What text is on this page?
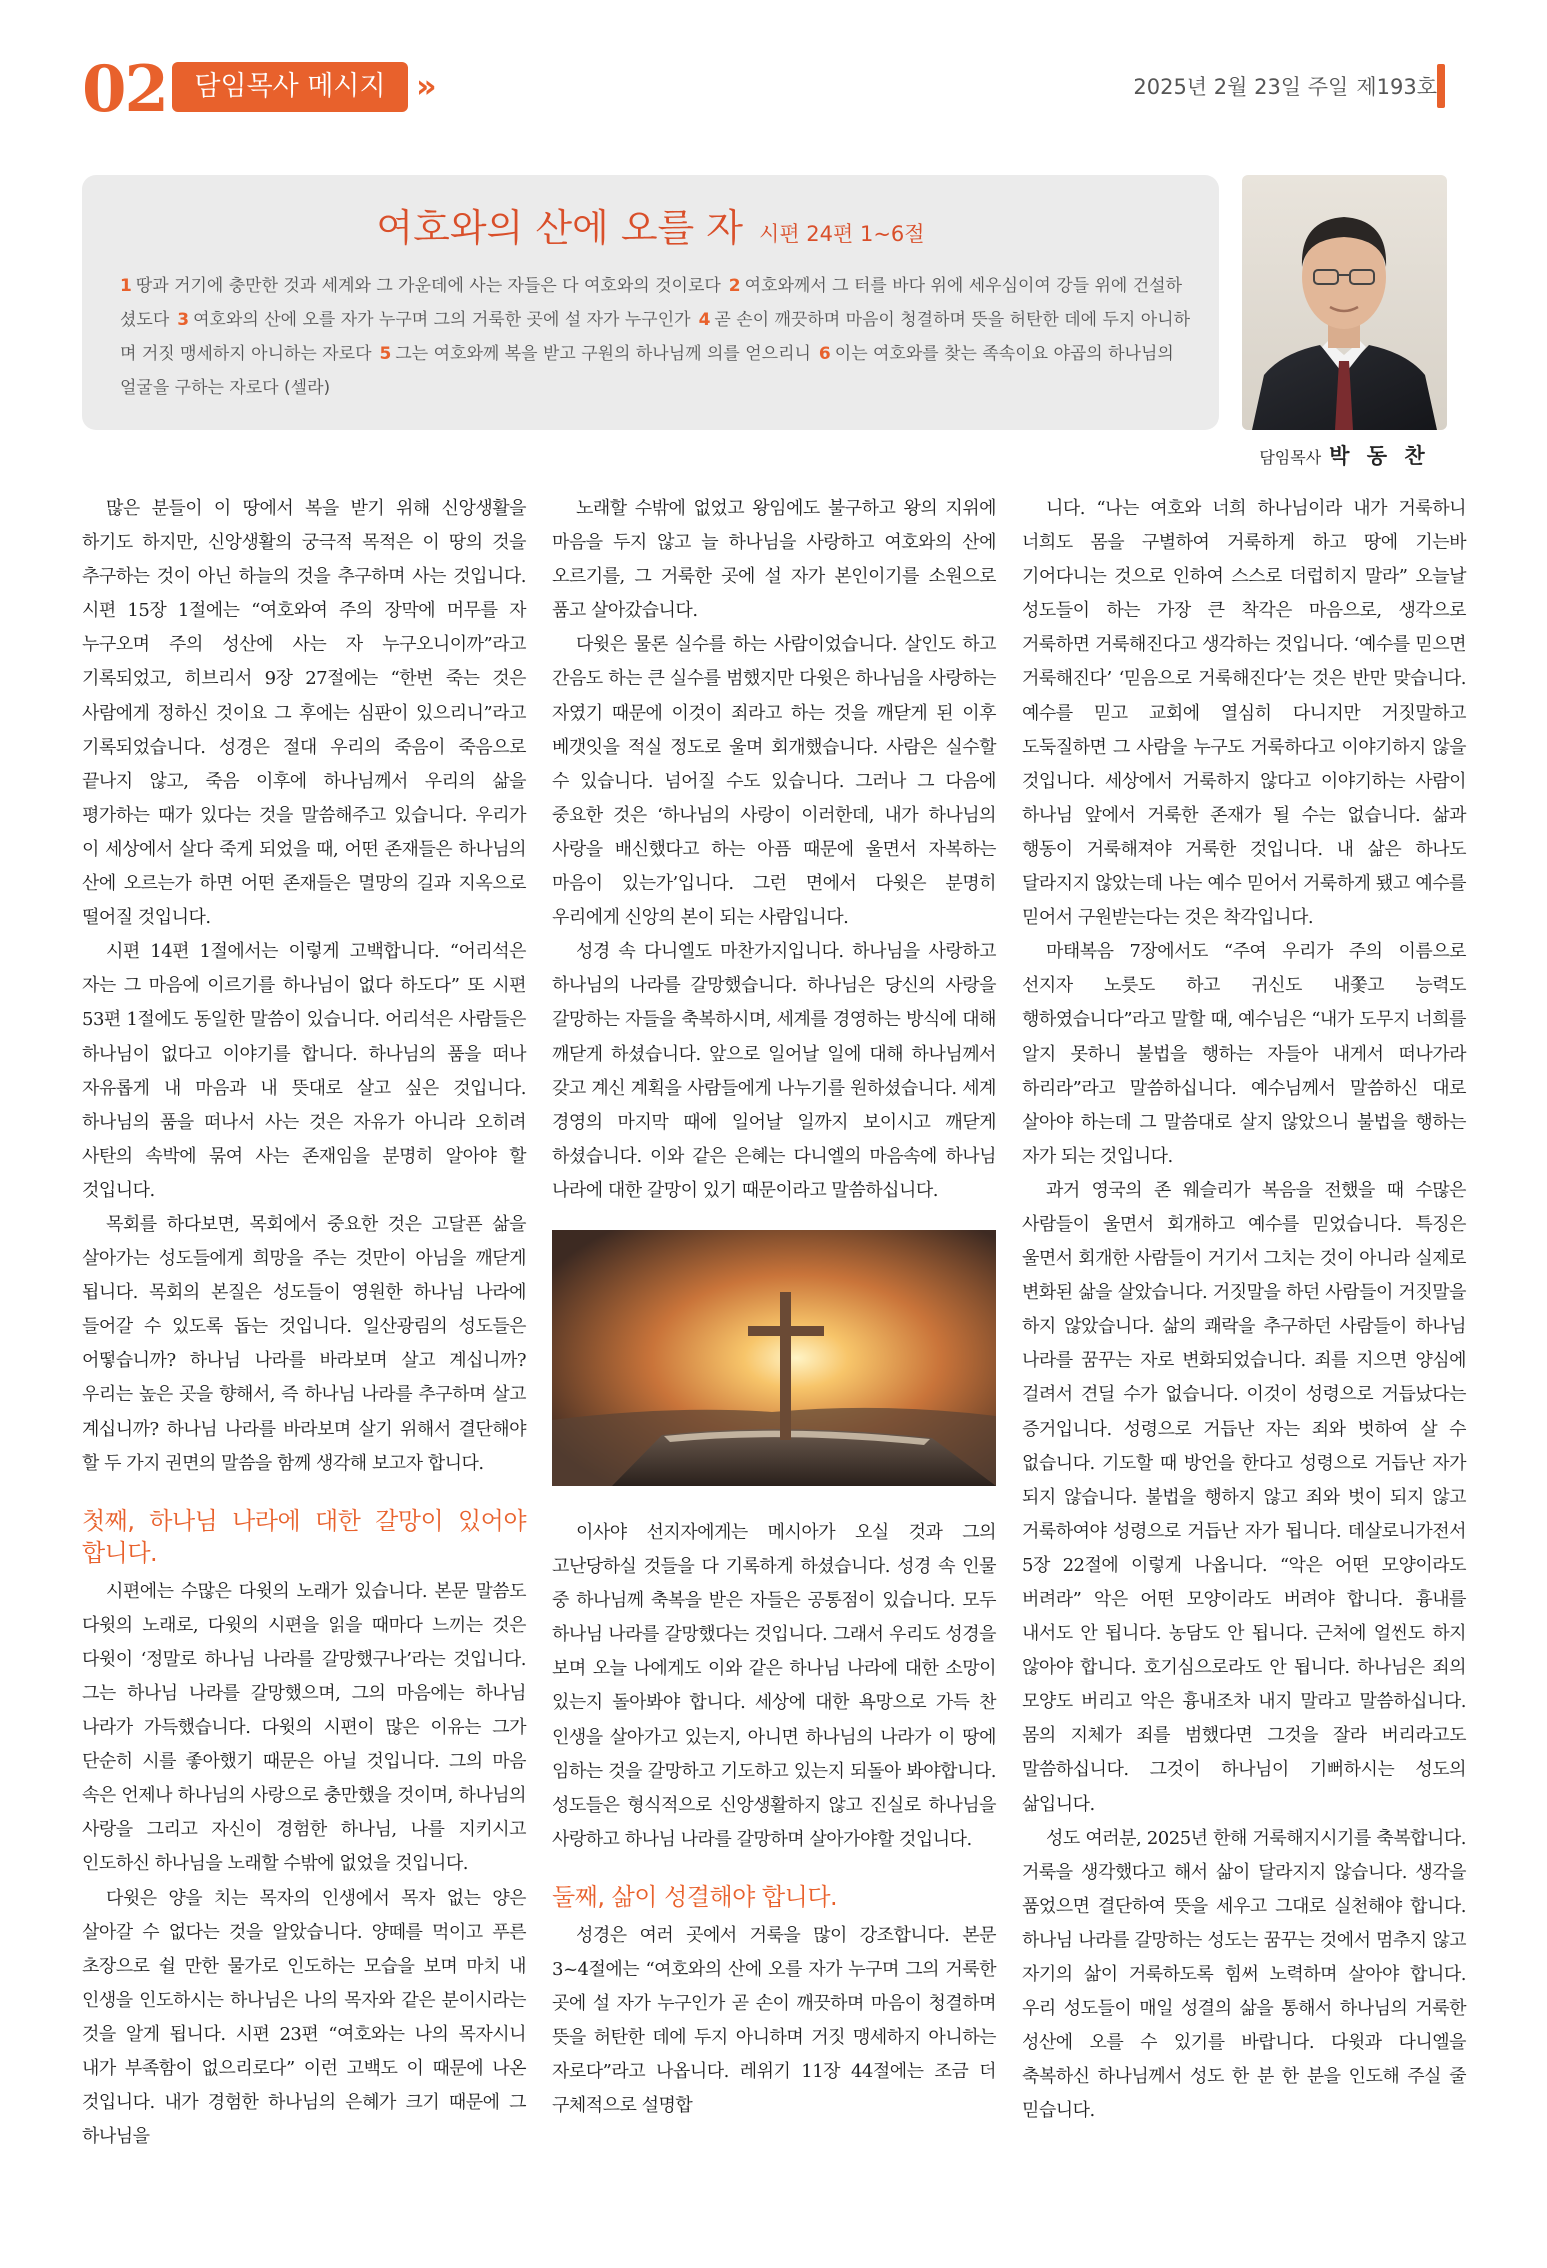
02	담임목사 메시지 »	2025년 2월 23일 주일 제193호
여호와의 산에 오를 자 시편 24편 1~6절
1 땅과 거기에 충만한 것과 세계와 그 가운데에 사는 자들은 다 여호와의 것이로다 2 여호와께서 그 터를 바다 위에 세우심이여 강들 위에 건설하셨도다 3 여호와의 산에 오를 자가 누구며 그의 거룩한 곳에 설 자가 누구인가 4 곧 손이 깨끗하며 마음이 청결하며 뜻을 허탄한 데에 두지 아니하며 거짓 맹세하지 아니하는 자로다 5 그는 여호와께 복을 받고 구원의 하나님께 의를 얻으리니 6 이는 여호와를 찾는 족속이요 야곱의 하나님의 얼굴을 구하는 자로다 (셀라)
담임목사 박 동 찬

많은 분들이 이 땅에서 복을 받기 위해 신앙생활을 하기도 하지만, 신앙생활의 궁극적 목적은 이 땅의 것을 추구하는 것이 아닌 하늘의 것을 추구하며 사는 것입니다. 시편 15장 1절에는 “여호와여 주의 장막에 머무를 자 누구오며 주의 성산에 사는 자 누구오니이까”라고 기록되었고, 히브리서 9장 27절에는 “한번 죽는 것은 사람에게 정하신 것이요 그 후에는 심판이 있으리니”라고 기록되었습니다. 성경은 절대 우리의 죽음이 죽음으로 끝나지 않고, 죽음 이후에 하나님께서 우리의 삶을 평가하는 때가 있다는 것을 말씀해주고 있습니다. 우리가 이 세상에서 살다 죽게 되었을 때, 어떤 존재들은 하나님의 산에 오르는가 하면 어떤 존재들은 멸망의 길과 지옥으로 떨어질 것입니다.

시편 14편 1절에서는 이렇게 고백합니다. “어리석은 자는 그 마음에 이르기를 하나님이 없다 하도다” 또 시편 53편 1절에도 동일한 말씀이 있습니다. 어리석은 사람들은 하나님이 없다고 이야기를 합니다. 하나님의 품을 떠나 자유롭게 내 마음과 내 뜻대로 살고 싶은 것입니다. 하나님의 품을 떠나서 사는 것은 자유가 아니라 오히려 사탄의 속박에 묶여 사는 존재임을 분명히 알아야 할 것입니다.

목회를 하다보면, 목회에서 중요한 것은 고달픈 삶을 살아가는 성도들에게 희망을 주는 것만이 아님을 깨닫게 됩니다. 목회의 본질은 성도들이 영원한 하나님 나라에 들어갈 수 있도록 돕는 것입니다. 일산광림의 성도들은 어떻습니까? 하나님 나라를 바라보며 살고 계십니까? 우리는 높은 곳을 향해서, 즉 하나님 나라를 추구하며 살고 계십니까? 하나님 나라를 바라보며 살기 위해서 결단해야 할 두 가지 권면의 말씀을 함께 생각해 보고자 합니다.

첫째, 하나님 나라에 대한 갈망이 있어야 합니다.

시편에는 수많은 다윗의 노래가 있습니다. 본문 말씀도 다윗의 노래로, 다윗의 시편을 읽을 때마다 느끼는 것은 다윗이 ‘정말로 하나님 나라를 갈망했구나’라는 것입니다. 그는 하나님 나라를 갈망했으며, 그의 마음에는 하나님 나라가 가득했습니다. 다윗의 시편이 많은 이유는 그가 단순히 시를 좋아했기 때문은 아닐 것입니다. 그의 마음 속은 언제나 하나님의 사랑으로 충만했을 것이며, 하나님의 사랑을 그리고 자신이 경험한 하나님, 나를 지키시고 인도하신 하나님을 노래할 수밖에 없었을 것입니다.

다윗은 양을 치는 목자의 인생에서 목자 없는 양은 살아갈 수 없다는 것을 알았습니다. 양떼를 먹이고 푸른 초장으로 쉴 만한 물가로 인도하는 모습을 보며 마치 내 인생을 인도하시는 하나님은 나의 목자와 같은 분이시라는 것을 알게 됩니다. 시편 23편 “여호와는 나의 목자시니 내가 부족함이 없으리로다” 이런 고백도 이 때문에 나온 것입니다. 내가 경험한 하나님의 은혜가 크기 때문에 그 하나님을

노래할 수밖에 없었고 왕임에도 불구하고 왕의 지위에 마음을 두지 않고 늘 하나님을 사랑하고 여호와의 산에 오르기를, 그 거룩한 곳에 설 자가 본인이기를 소원으로 품고 살아갔습니다.

다윗은 물론 실수를 하는 사람이었습니다. 살인도 하고 간음도 하는 큰 실수를 범했지만 다윗은 하나님을 사랑하는 자였기 때문에 이것이 죄라고 하는 것을 깨닫게 된 이후 베갯잇을 적실 정도로 울며 회개했습니다. 사람은 실수할 수 있습니다. 넘어질 수도 있습니다. 그러나 그 다음에 중요한 것은 ‘하나님의 사랑이 이러한데, 내가 하나님의 사랑을 배신했다고 하는 아픔 때문에 울면서 자복하는 마음이 있는가’입니다. 그런 면에서 다윗은 분명히 우리에게 신앙의 본이 되는 사람입니다.

성경 속 다니엘도 마찬가지입니다. 하나님을 사랑하고 하나님의 나라를 갈망했습니다. 하나님은 당신의 사랑을 갈망하는 자들을 축복하시며, 세계를 경영하는 방식에 대해 깨닫게 하셨습니다. 앞으로 일어날 일에 대해 하나님께서 갖고 계신 계획을 사람들에게 나누기를 원하셨습니다. 세계 경영의 마지막 때에 일어날 일까지 보이시고 깨닫게 하셨습니다. 이와 같은 은혜는 다니엘의 마음속에 하나님 나라에 대한 갈망이 있기 때문이라고 말씀하십니다.

이사야 선지자에게는 메시아가 오실 것과 그의 고난당하실 것들을 다 기록하게 하셨습니다. 성경 속 인물 중 하나님께 축복을 받은 자들은 공통점이 있습니다. 모두 하나님 나라를 갈망했다는 것입니다. 그래서 우리도 성경을 보며 오늘 나에게도 이와 같은 하나님 나라에 대한 소망이 있는지 돌아봐야 합니다. 세상에 대한 욕망으로 가득 찬 인생을 살아가고 있는지, 아니면 하나님의 나라가 이 땅에 임하는 것을 갈망하고 기도하고 있는지 되돌아 봐야합니다. 성도들은 형식적으로 신앙생활하지 않고 진실로 하나님을 사랑하고 하나님 나라를 갈망하며 살아가야할 것입니다.

둘째, 삶이 성결해야 합니다.

성경은 여러 곳에서 거룩을 많이 강조합니다. 본문 3~4절에는 “여호와의 산에 오를 자가 누구며 그의 거룩한 곳에 설 자가 누구인가 곧 손이 깨끗하며 마음이 청결하며 뜻을 허탄한 데에 두지 아니하며 거짓 맹세하지 아니하는 자로다”라고 나옵니다. 레위기 11장 44절에는 조금 더 구체적으로 설명합

니다. “나는 여호와 너희 하나님이라 내가 거룩하니 너희도 몸을 구별하여 거룩하게 하고 땅에 기는바 기어다니는 것으로 인하여 스스로 더럽히지 말라” 오늘날 성도들이 하는 가장 큰 착각은 마음으로, 생각으로 거룩하면 거룩해진다고 생각하는 것입니다. ‘예수를 믿으면 거룩해진다’ ‘믿음으로 거룩해진다’는 것은 반만 맞습니다. 예수를 믿고 교회에 열심히 다니지만 거짓말하고 도둑질하면 그 사람을 누구도 거룩하다고 이야기하지 않을 것입니다. 세상에서 거룩하지 않다고 이야기하는 사람이 하나님 앞에서 거룩한 존재가 될 수는 없습니다. 삶과 행동이 거룩해져야 거룩한 것입니다. 내 삶은 하나도 달라지지 않았는데 나는 예수 믿어서 거룩하게 됐고 예수를 믿어서 구원받는다는 것은 착각입니다.

마태복음 7장에서도 “주여 우리가 주의 이름으로 선지자 노릇도 하고 귀신도 내쫓고 능력도 행하였습니다”라고 말할 때, 예수님은 “내가 도무지 너희를 알지 못하니 불법을 행하는 자들아 내게서 떠나가라 하리라”라고 말씀하십니다. 예수님께서 말씀하신 대로 살아야 하는데 그 말씀대로 살지 않았으니 불법을 행하는 자가 되는 것입니다.

과거 영국의 존 웨슬리가 복음을 전했을 때 수많은 사람들이 울면서 회개하고 예수를 믿었습니다. 특징은 울면서 회개한 사람들이 거기서 그치는 것이 아니라 실제로 변화된 삶을 살았습니다. 거짓말을 하던 사람들이 거짓말을 하지 않았습니다. 삶의 쾌락을 추구하던 사람들이 하나님 나라를 꿈꾸는 자로 변화되었습니다. 죄를 지으면 양심에 걸려서 견딜 수가 없습니다. 이것이 성령으로 거듭났다는 증거입니다. 성령으로 거듭난 자는 죄와 벗하여 살 수 없습니다. 기도할 때 방언을 한다고 성령으로 거듭난 자가 되지 않습니다. 불법을 행하지 않고 죄와 벗이 되지 않고 거룩하여야 성령으로 거듭난 자가 됩니다. 데살로니가전서 5장 22절에 이렇게 나옵니다. “악은 어떤 모양이라도 버려라” 악은 어떤 모양이라도 버려야 합니다. 흉내를 내서도 안 됩니다. 농담도 안 됩니다. 근처에 얼씬도 하지 않아야 합니다. 호기심으로라도 안 됩니다. 하나님은 죄의 모양도 버리고 악은 흉내조차 내지 말라고 말씀하십니다. 몸의 지체가 죄를 범했다면 그것을 잘라 버리라고도 말씀하십니다. 그것이 하나님이 기뻐하시는 성도의 삶입니다.

성도 여러분, 2025년 한해 거룩해지시기를 축복합니다. 거룩을 생각했다고 해서 삶이 달라지지 않습니다. 생각을 품었으면 결단하여 뜻을 세우고 그대로 실천해야 합니다. 하나님 나라를 갈망하는 성도는 꿈꾸는 것에서 멈추지 않고 자기의 삶이 거룩하도록 힘써 노력하며 살아야 합니다. 우리 성도들이 매일 성결의 삶을 통해서 하나님의 거룩한 성산에 오를 수 있기를 바랍니다. 다윗과 다니엘을 축복하신 하나님께서 성도 한 분 한 분을 인도해 주실 줄 믿습니다.
